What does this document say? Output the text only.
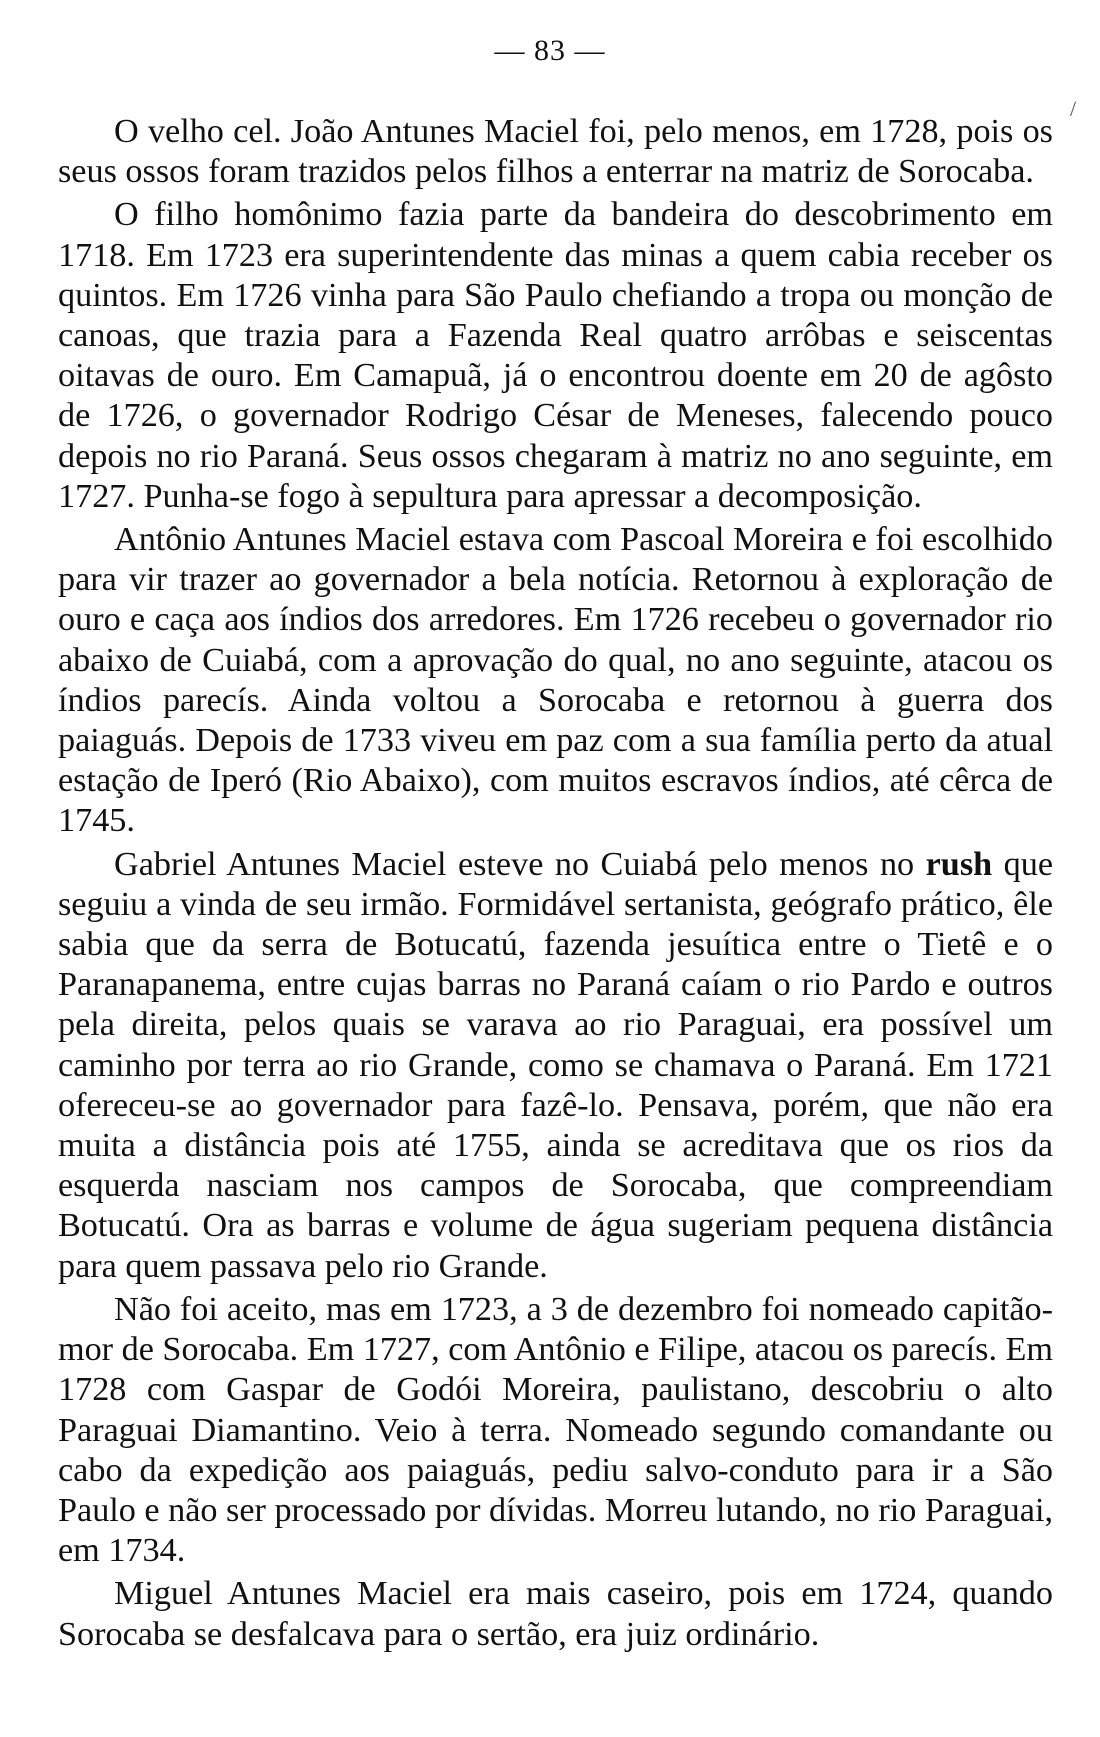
— 83 —
/

O velho cel. João Antunes Maciel foi, pelo menos, em 1728, pois os seus ossos foram trazidos pelos filhos a enterrar na matriz de Sorocaba.

O filho homônimo fazia parte da bandeira do descobrimento em 1718. Em 1723 era superintendente das minas a quem cabia receber os quintos. Em 1726 vinha para São Paulo chefiando a tropa ou monção de canoas, que trazia para a Fazenda Real quatro arrôbas e seiscentas oitavas de ouro. Em Camapuã, já o encontrou doente em 20 de agôsto de 1726, o governador Rodrigo César de Meneses, falecendo pouco depois no rio Paraná. Seus ossos chegaram à matriz no ano seguinte, em 1727. Punha-se fogo à sepultura para apressar a decomposição.

Antônio Antunes Maciel estava com Pascoal Moreira e foi escolhido para vir trazer ao governador a bela notícia. Retornou à exploração de ouro e caça aos índios dos arredores. Em 1726 recebeu o governador rio abaixo de Cuiabá, com a aprovação do qual, no ano seguinte, atacou os índios parecís. Ainda voltou a Sorocaba e retornou à guerra dos paiaguás. Depois de 1733 viveu em paz com a sua família perto da atual estação de Iperó (Rio Abaixo), com muitos escravos índios, até cêrca de 1745.

Gabriel Antunes Maciel esteve no Cuiabá pelo menos no rush que seguiu a vinda de seu irmão. Formidável sertanista, geógrafo prático, êle sabia que da serra de Botucatú, fazenda jesuítica entre o Tietê e o Paranapanema, entre cujas barras no Paraná caíam o rio Pardo e outros pela direita, pelos quais se varava ao rio Paraguai, era possível um caminho por terra ao rio Grande, como se chamava o Paraná. Em 1721 ofereceu-se ao governador para fazê-lo. Pensava, porém, que não era muita a distância pois até 1755, ainda se acreditava que os rios da esquerda nasciam nos campos de Sorocaba, que compreendiam Botucatú. Ora as barras e volume de água sugeriam pequena distância para quem passava pelo rio Grande.

Não foi aceito, mas em 1723, a 3 de dezembro foi nomeado capitão-mor de Sorocaba. Em 1727, com Antônio e Filipe, atacou os parecís. Em 1728 com Gaspar de Godói Moreira, paulistano, descobriu o alto Paraguai Diamantino. Veio à terra. Nomeado segundo comandante ou cabo da expedição aos paiaguás, pediu salvo-conduto para ir a São Paulo e não ser processado por dívidas. Morreu lutando, no rio Paraguai, em 1734.

Miguel Antunes Maciel era mais caseiro, pois em 1724, quando Sorocaba se desfalcava para o sertão, era juiz ordinário.
